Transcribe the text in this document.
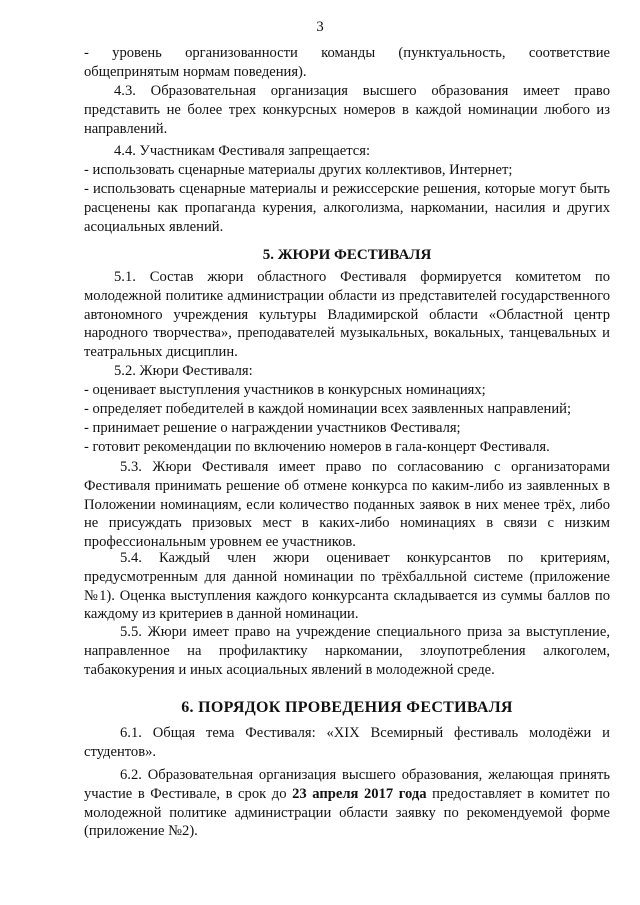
3

- уровень организованности команды (пунктуальность, соответствие общепринятым нормам поведения).

4.3. Образовательная организация высшего образования имеет право представить не более трех конкурсных номеров в каждой номинации любого из направлений.

4.4. Участникам Фестиваля запрещается:

- использовать сценарные материалы других коллективов, Интернет;

- использовать сценарные материалы и режиссерские решения, которые могут быть расценены как пропаганда курения, алкоголизма, наркомании, насилия и других асоциальных явлений.

5. ЖЮРИ ФЕСТИВАЛЯ

5.1. Состав жюри областного Фестиваля формируется комитетом по молодежной политике администрации области из представителей государственного автономного учреждения культуры Владимирской области «Областной центр народного творчества», преподавателей музыкальных, вокальных, танцевальных и театральных дисциплин.

5.2. Жюри Фестиваля:

- оценивает выступления участников в конкурсных номинациях;

- определяет победителей в каждой номинации всех заявленных направлений;

- принимает решение о награждении участников Фестиваля;

- готовит рекомендации по включению номеров в гала-концерт Фестиваля.

5.3. Жюри Фестиваля имеет право по согласованию с организаторами Фестиваля принимать решение об отмене конкурса по каким-либо из заявленных в Положении номинациям, если количество поданных заявок в них менее трёх, либо не присуждать призовых мест в каких-либо номинациях в связи с низким профессиональным уровнем ее участников.

5.4. Каждый член жюри оценивает конкурсантов по критериям, предусмотренным для данной номинации по трёхбалльной системе (приложение №1). Оценка выступления каждого конкурсанта складывается из суммы баллов по каждому из критериев в данной номинации.

5.5. Жюри имеет право на учреждение специального приза за выступление, направленное на профилактику наркомании, злоупотребления алкоголем, табакокурения и иных асоциальных явлений в молодежной среде.

6. ПОРЯДОК ПРОВЕДЕНИЯ ФЕСТИВАЛЯ

6.1. Общая тема Фестиваля: «XIX Всемирный фестиваль молодёжи и студентов».

6.2. Образовательная организация высшего образования, желающая принять участие в Фестивале, в срок до 23 апреля 2017 года предоставляет в комитет по молодежной политике администрации области заявку по рекомендуемой форме (приложение №2).
